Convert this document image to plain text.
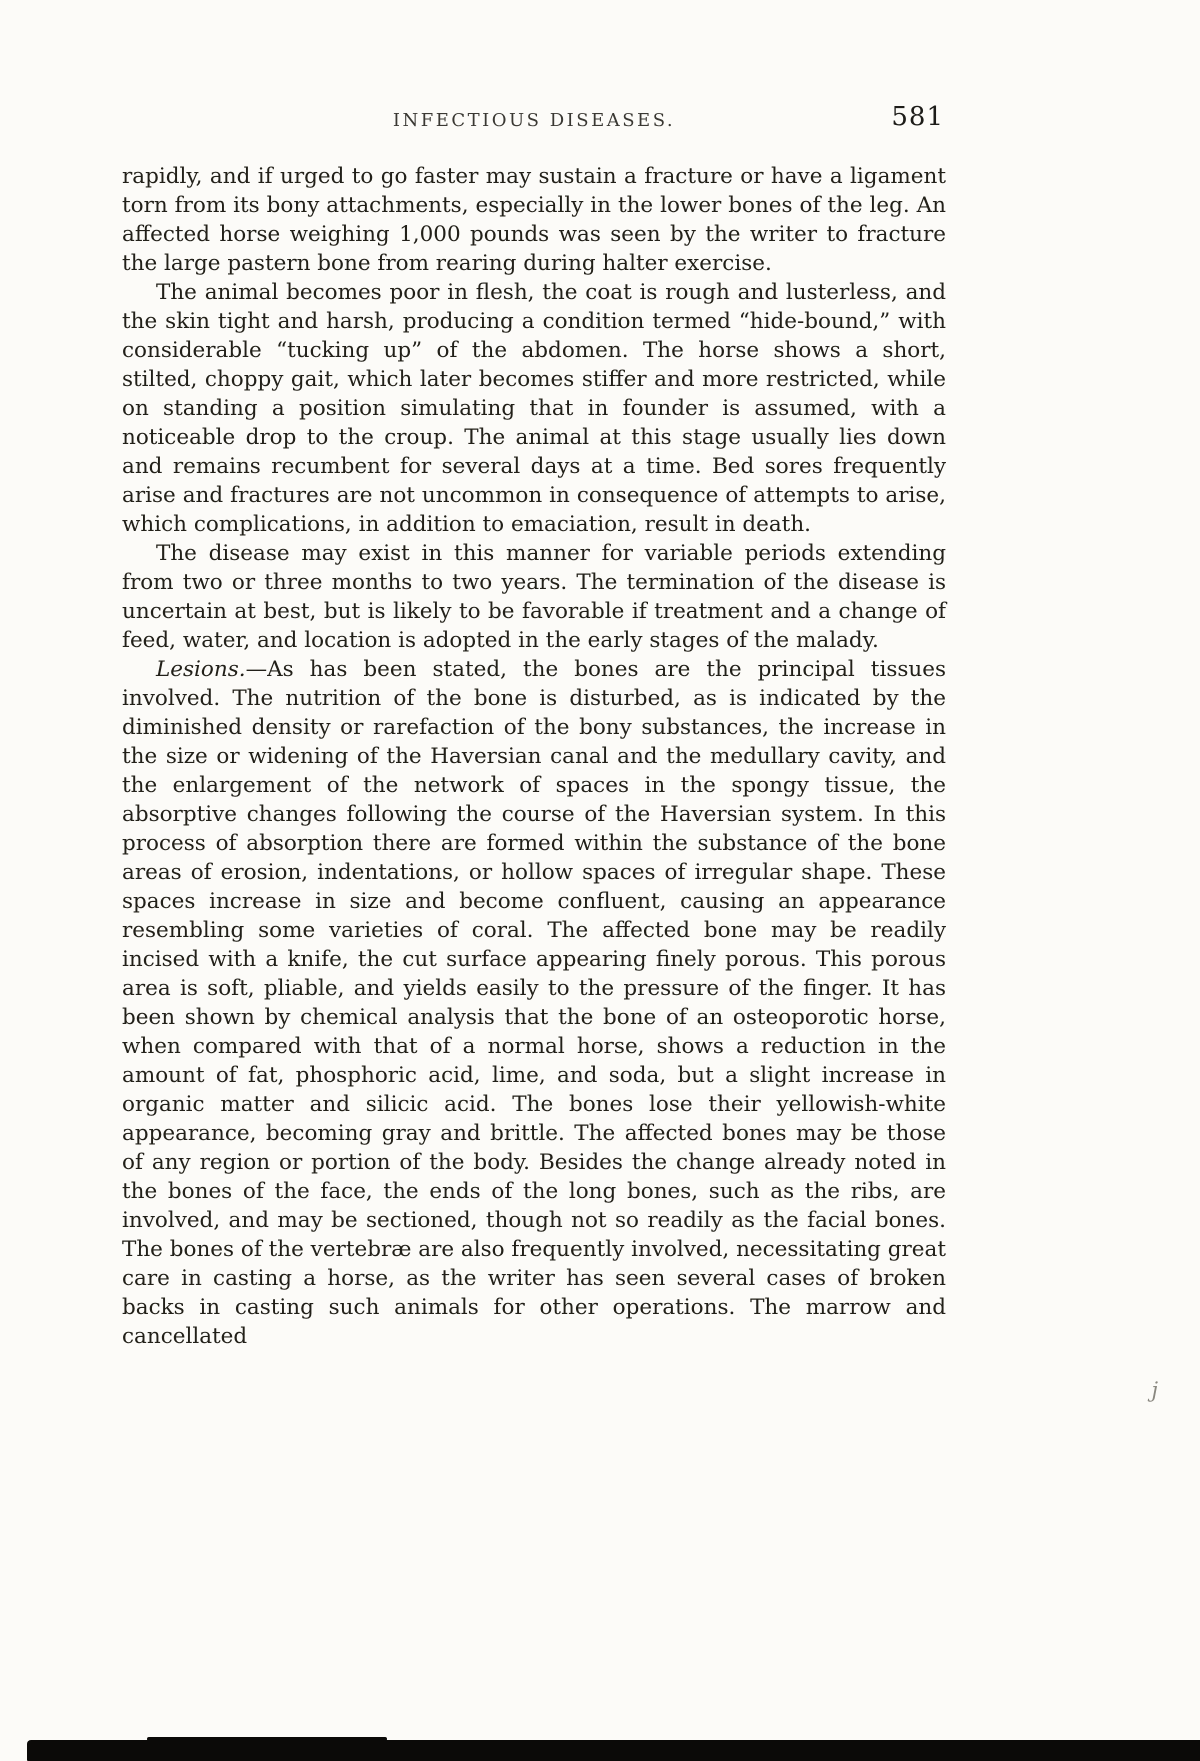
INFECTIOUS DISEASES.	581

rapidly, and if urged to go faster may sustain a fracture or have a ligament torn from its bony attachments, especially in the lower bones of the leg. An affected horse weighing 1,000 pounds was seen by the writer to fracture the large pastern bone from rearing during halter exercise.

The animal becomes poor in flesh, the coat is rough and lusterless, and the skin tight and harsh, producing a condition termed “hide-bound,” with considerable “tucking up” of the abdomen. The horse shows a short, stilted, choppy gait, which later becomes stiffer and more restricted, while on standing a position simulating that in founder is assumed, with a noticeable drop to the croup. The animal at this stage usually lies down and remains recumbent for several days at a time. Bed sores frequently arise and fractures are not uncommon in consequence of attempts to arise, which complications, in addition to emaciation, result in death.

The disease may exist in this manner for variable periods extending from two or three months to two years. The termination of the disease is uncertain at best, but is likely to be favorable if treatment and a change of feed, water, and location is adopted in the early stages of the malady.

Lesions.—As has been stated, the bones are the principal tissues involved. The nutrition of the bone is disturbed, as is indicated by the diminished density or rarefaction of the bony substances, the increase in the size or widening of the Haversian canal and the medullary cavity, and the enlargement of the network of spaces in the spongy tissue, the absorptive changes following the course of the Haversian system. In this process of absorption there are formed within the substance of the bone areas of erosion, indentations, or hollow spaces of irregular shape. These spaces increase in size and become confluent, causing an appearance resembling some varieties of coral. The affected bone may be readily incised with a knife, the cut surface appearing finely porous. This porous area is soft, pliable, and yields easily to the pressure of the finger. It has been shown by chemical analysis that the bone of an osteoporotic horse, when compared with that of a normal horse, shows a reduction in the amount of fat, phosphoric acid, lime, and soda, but a slight increase in organic matter and silicic acid. The bones lose their yellowish-white appearance, becoming gray and brittle. The affected bones may be those of any region or portion of the body. Besides the change already noted in the bones of the face, the ends of the long bones, such as the ribs, are involved, and may be sectioned, though not so readily as the facial bones. The bones of the vertebræ are also frequently involved, necessitating great care in casting a horse, as the writer has seen several cases of broken backs in casting such animals for other operations. The marrow and cancellated

j
